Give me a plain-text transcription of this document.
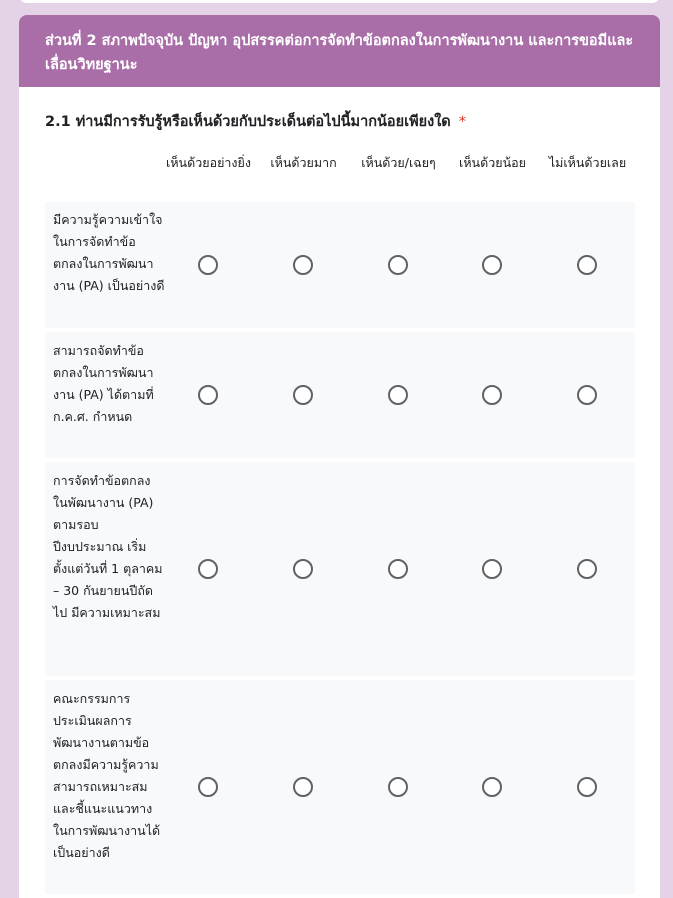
ส่วนที่ 2 สภาพปัจจุบัน ปัญหา อุปสรรคต่อการจัดทำข้อตกลงในการพัฒนางาน และการขอมีและเลื่อนวิทยฐานะ
2.1 ท่านมีการรับรู้หรือเห็นด้วยกับประเด็นต่อไปนี้มากน้อยเพียงใด *
เห็นด้วยอย่างยิ่ง	เห็นด้วยมาก	เห็นด้วย/เฉยๆ	เห็นด้วยน้อย	ไม่เห็นด้วยเลย
มีความรู้ความเข้าใจในการจัดทำข้อตกลงในการพัฒนางาน (PA) เป็นอย่างดี
สามารถจัดทำข้อตกลงในการพัฒนางาน (PA) ได้ตามที่ ก.ค.ศ. กำหนด
การจัดทำข้อตกลงในพัฒนางาน (PA) ตามรอบ ปีงบประมาณ เริ่มตั้งแต่วันที่ 1 ตุลาคม – 30 กันยายนปีถัดไป มีความเหมาะสม
คณะกรรมการประเมินผลการพัฒนางานตามข้อตกลงมีความรู้ความสามารถเหมาะสม และชี้แนะแนวทางในการพัฒนางานได้เป็นอย่างดี
